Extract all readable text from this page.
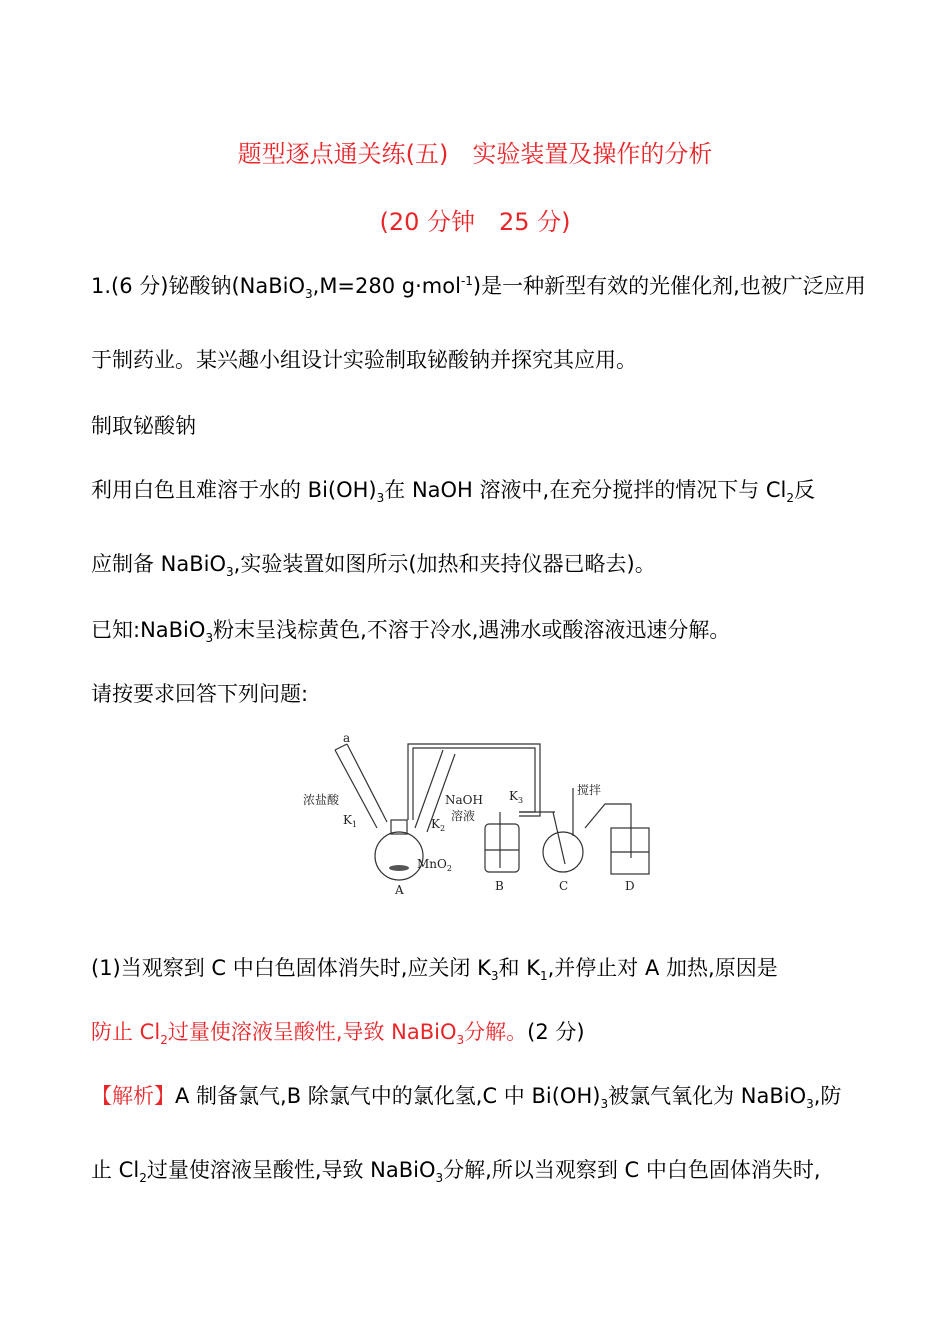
题型逐点通关练(五)　实验装置及操作的分析
(20 分钟　25 分)
1.(6 分)铋酸钠(NaBiO$_3$,M=280 g·mol$^{-1}$)是一种新型有效的光催化剂,也被广泛应用
于制药业。某兴趣小组设计实验制取铋酸钠并探究其应用。
制取铋酸钠
利用白色且难溶于水的 $Bi(OH)_3$在 NaOH 溶液中,在充分搅拌的情况下与 $Cl_2$反
应制备 NaBiO$_3$,实验装置如图所示(加热和夹持仪器已略去)。
已知:NaBiO$_3$粉末呈浅棕黄色,不溶于冷水,遇沸水或酸溶液迅速分解。
请按要求回答下列问题:
a
浓盐酸
$K_1$	$K_2$
NaOH
溶液
$K_3$
MnO$_2$
搅拌
A	B	C	D
(1)当观察到 C 中白色固体消失时,应关闭 $K_3$和 $K_1$,并停止对 A 加热,原因是
防止 $Cl_2$过量使溶液呈酸性,导致 NaBiO$_3$分解。(2 分)
【解析】A 制备氯气,B 除氯气中的氯化氢,C 中 $Bi(OH)_3$被氯气氧化为 NaBiO$_3$,防
止 $Cl_2$过量使溶液呈酸性,导致 NaBiO$_3$分解,所以当观察到 C 中白色固体消失时,
